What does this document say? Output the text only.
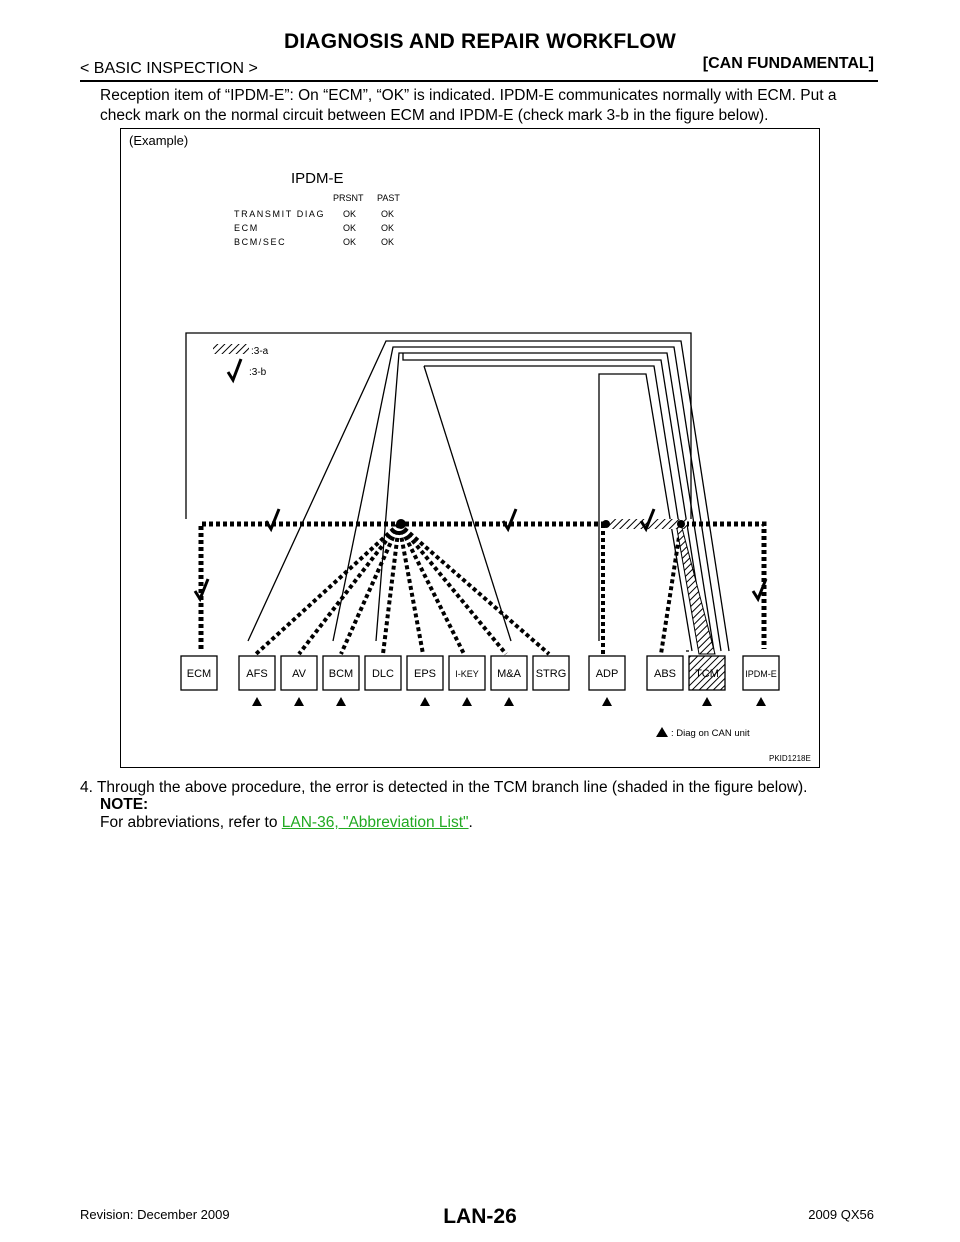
DIAGNOSIS AND REPAIR WORKFLOW
< BASIC INSPECTION >	[CAN FUNDAMENTAL]
Reception item of “IPDM-E”: On “ECM”, “OK” is indicated. IPDM-E communicates normally with ECM. Put a check mark on the normal circuit between ECM and IPDM-E (check mark 3-b in the figure below).
(Example)
IPDM-E
PRSNT PAST
TRANSMIT DIAG OK	OK
ECM	OK	OK
BCM/SEC	OK	OK
:3-a
:3-b
ECM	AFS AV BCM DLC EPS I-KEY M&A STRG	ADP	ABS TCM	IPDM-E
: Diag on CAN unit
PKID1218E
4. Through the above procedure, the error is detected in the TCM branch line (shaded in the figure below).
NOTE:
For abbreviations, refer to LAN-36, "Abbreviation List".
Revision: December 2009	LAN-26	2009 QX56
